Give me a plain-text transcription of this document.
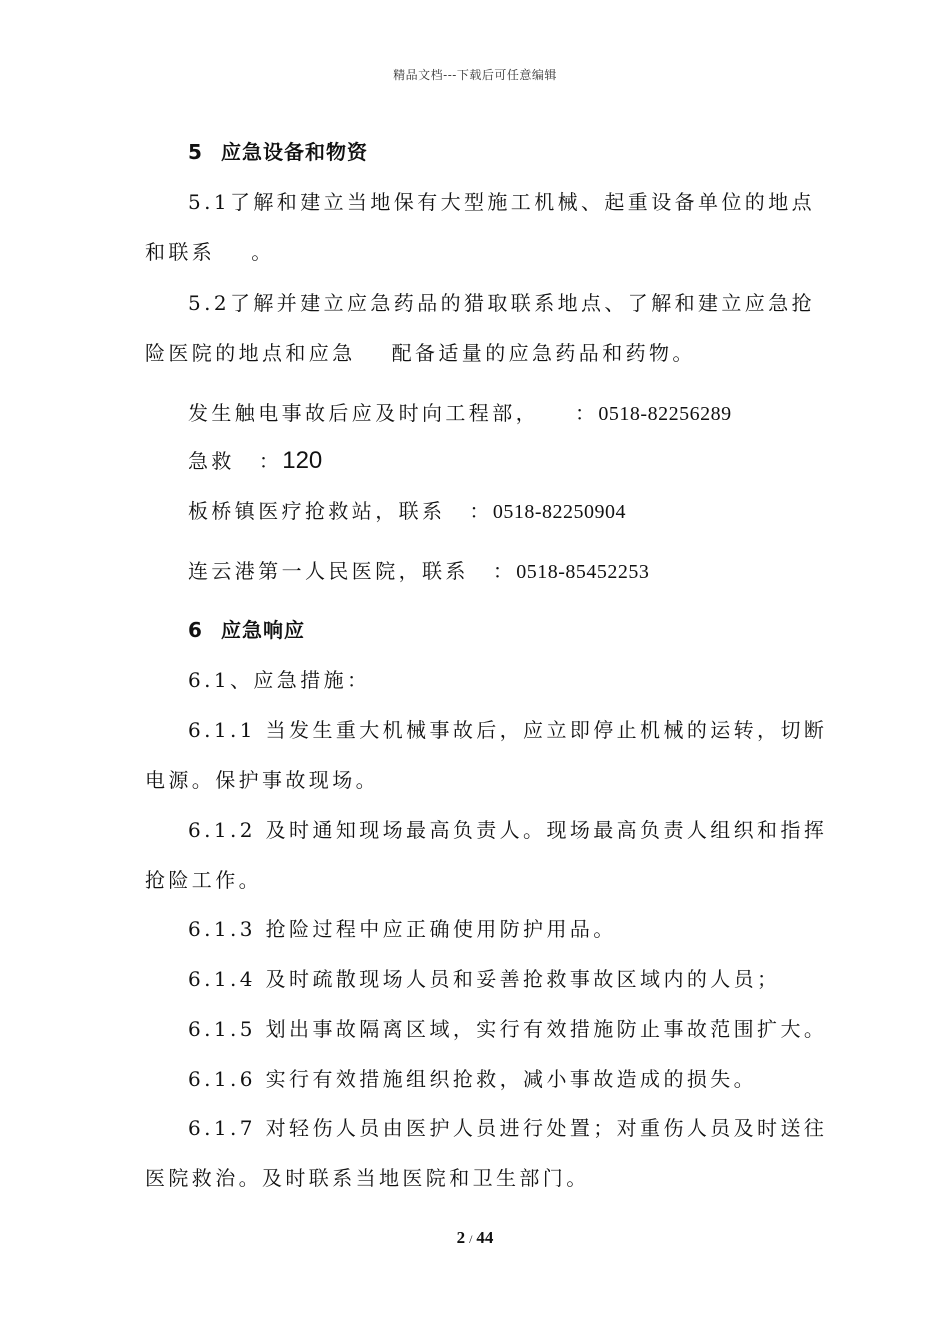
精品文档---下载后可任意编辑
5 应急设备和物资
5.1了解和建立当地保有大型施工机械、起重设备单位的地点
和联系 。
5.2了解并建立应急药品的猎取联系地点、了解和建立应急抢
险医院的地点和应急 配备适量的应急药品和药物。
发生触电事故后应及时向工程部， ：0518-82256289
急救 ：120
板桥镇医疗抢救站，联系 ：0518-82250904
连云港第一人民医院，联系 ：0518-85452253
6 应急响应
6.1、应急措施：
6.1.1 当发生重大机械事故后，应立即停止机械的运转，切断
电源。保护事故现场。
6.1.2 及时通知现场最高负责人。现场最高负责人组织和指挥
抢险工作。
6.1.3 抢险过程中应正确使用防护用品。
6.1.4 及时疏散现场人员和妥善抢救事故区域内的人员；
6.1.5 划出事故隔离区域，实行有效措施防止事故范围扩大。
6.1.6 实行有效措施组织抢救，减小事故造成的损失。
6.1.7 对轻伤人员由医护人员进行处置；对重伤人员及时送往
医院救治。及时联系当地医院和卫生部门。
2 / 44
